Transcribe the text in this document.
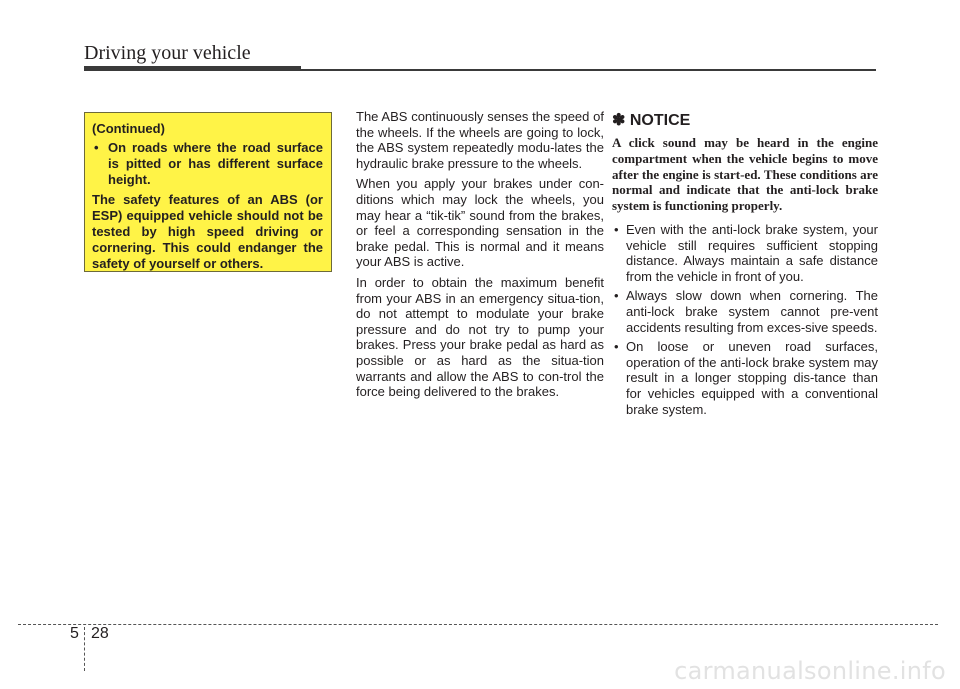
Driving your vehicle

(Continued)

• On roads where the road surface is pitted or has different surface height.

The safety features of an ABS (or ESP) equipped vehicle should not be tested by high speed driving or cornering. This could endanger the safety of yourself or others.

The ABS continuously senses the speed of the wheels. If the wheels are going to lock, the ABS system repeatedly modu-lates the hydraulic brake pressure to the wheels.

When you apply your brakes under con-ditions which may lock the wheels, you may hear a “tik-tik” sound from the brakes, or feel a corresponding sensation in the brake pedal. This is normal and it means your ABS is active.

In order to obtain the maximum benefit from your ABS in an emergency situa-tion, do not attempt to modulate your brake pressure and do not try to pump your brakes. Press your brake pedal as hard as possible or as hard as the situa-tion warrants and allow the ABS to con-trol the force being delivered to the brakes.

✽ NOTICE

A click sound may be heard in the engine compartment when the vehicle begins to move after the engine is start-ed. These conditions are normal and indicate that the anti-lock brake system is functioning properly.

• Even with the anti-lock brake system, your vehicle still requires sufficient stopping distance. Always maintain a safe distance from the vehicle in front of you.
• Always slow down when cornering. The anti-lock brake system cannot pre-vent accidents resulting from exces-sive speeds.
• On loose or uneven road surfaces, operation of the anti-lock brake system may result in a longer stopping dis-tance than for vehicles equipped with a conventional brake system.
5 28
carmanualsonline.info
